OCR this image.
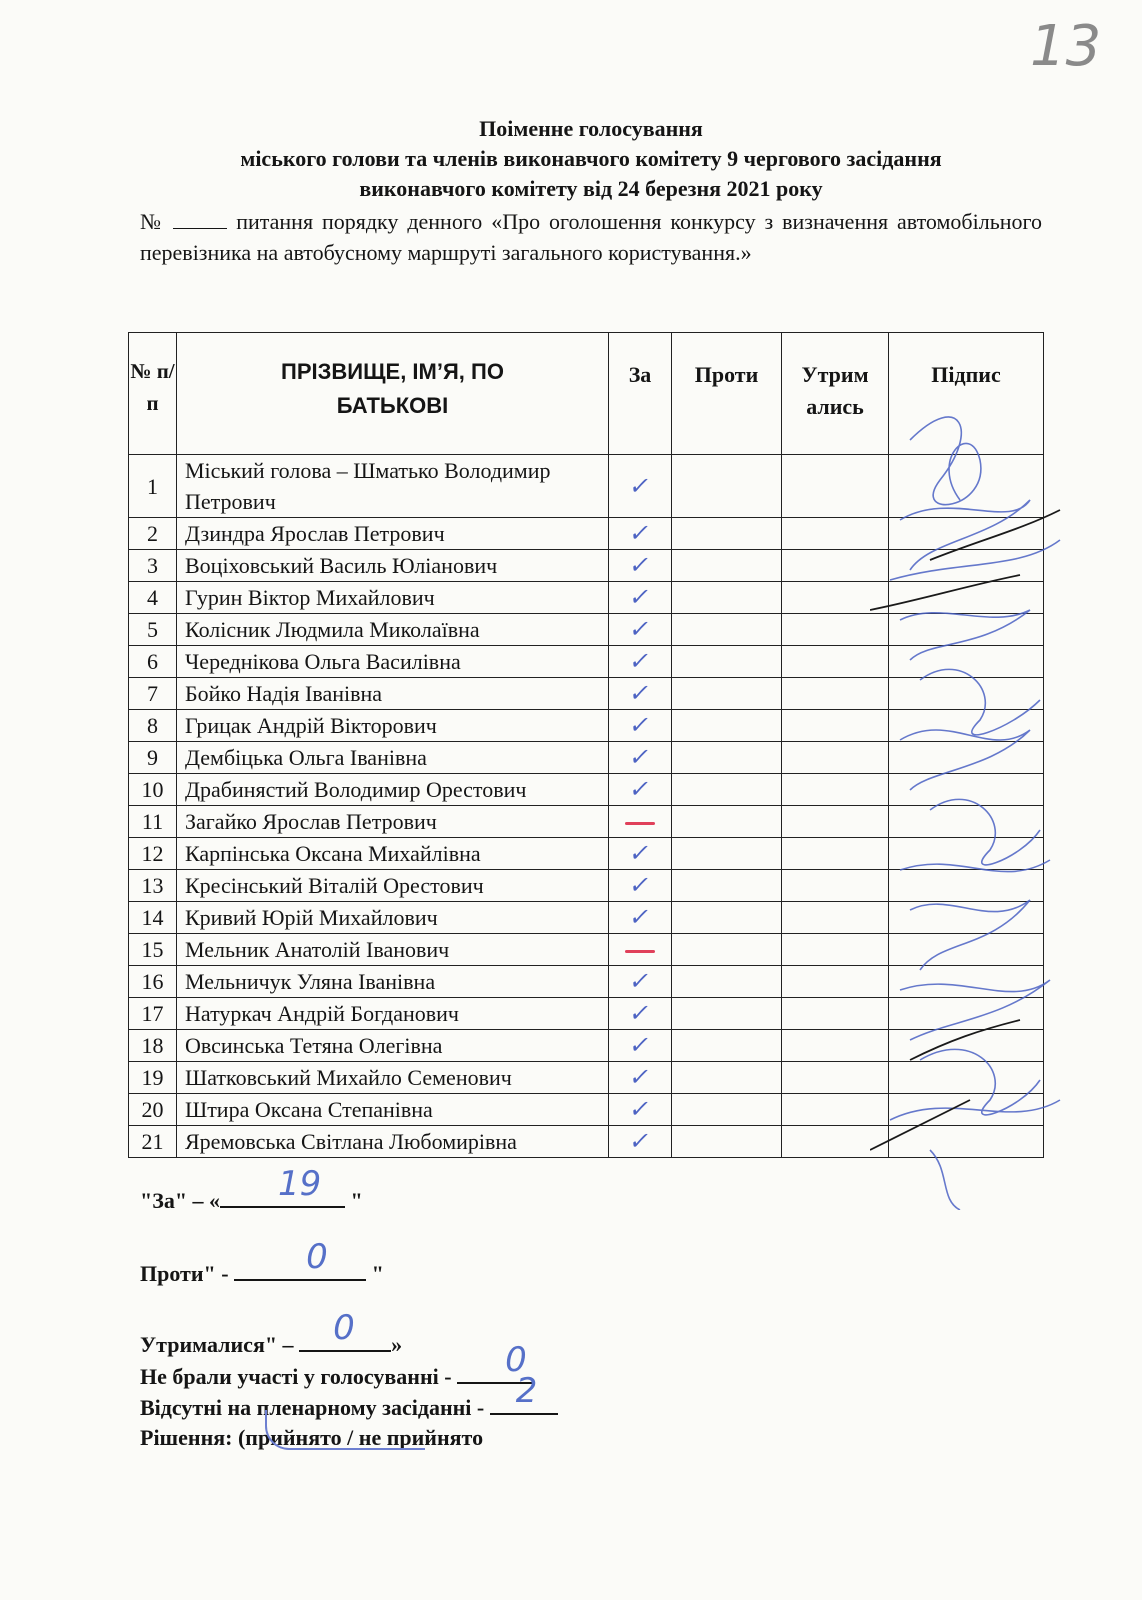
13
Поіменне голосування
міського голови та членів виконавчого комітету 9 чергового засідання
виконавчого комітету від 24 березня 2021 року
№	питання порядку денного «Про оголошення конкурсу з визначення автомобільного перевізника на автобусному маршруті загального користування.»
№ п/п	ПРІЗВИЩЕ, ІМ’Я, ПО БАТЬКОВІ	За	Проти	Утрим ались	Підпис
1	Міський голова – Шматько Володимир Петрович	✓			
2	Дзиндра Ярослав Петрович	✓			
3	Воціховський Василь Юліанович	✓			
4	Гурин Віктор Михайлович	✓			
5	Колісник Людмила Миколаївна	✓			
6	Череднікова Ольга Василівна	✓			
7	Бойко Надія Іванівна	✓			
8	Грицак Андрій Вікторович	✓			
9	Дембіцька Ольга Іванівна	✓			
10	Драбинястий Володимир Орестович	✓			
11	Загайко Ярослав Петрович				
12	Карпінська Оксана Михайлівна	✓			
13	Кресінський Віталій Орестович	✓			
14	Кривий Юрій Михайлович	✓			
15	Мельник Анатолій Іванович				
16	Мельничук Уляна Іванівна	✓			
17	Натуркач Андрій Богданович	✓			
18	Овсинська Тетяна Олегівна	✓			
19	Шатковський Михайло Семенович	✓			
20	Штира Оксана Степанівна	✓			
21	Яремовська Світлана Любомирівна	✓			
"За" – « 19 "
Проти" - 0 "
Утрималися" – 0 »
Не брали участі у голосуванні - 0
Відсутні на пленарному засіданні - 2
Рішення: (прийнято / не прийнято
